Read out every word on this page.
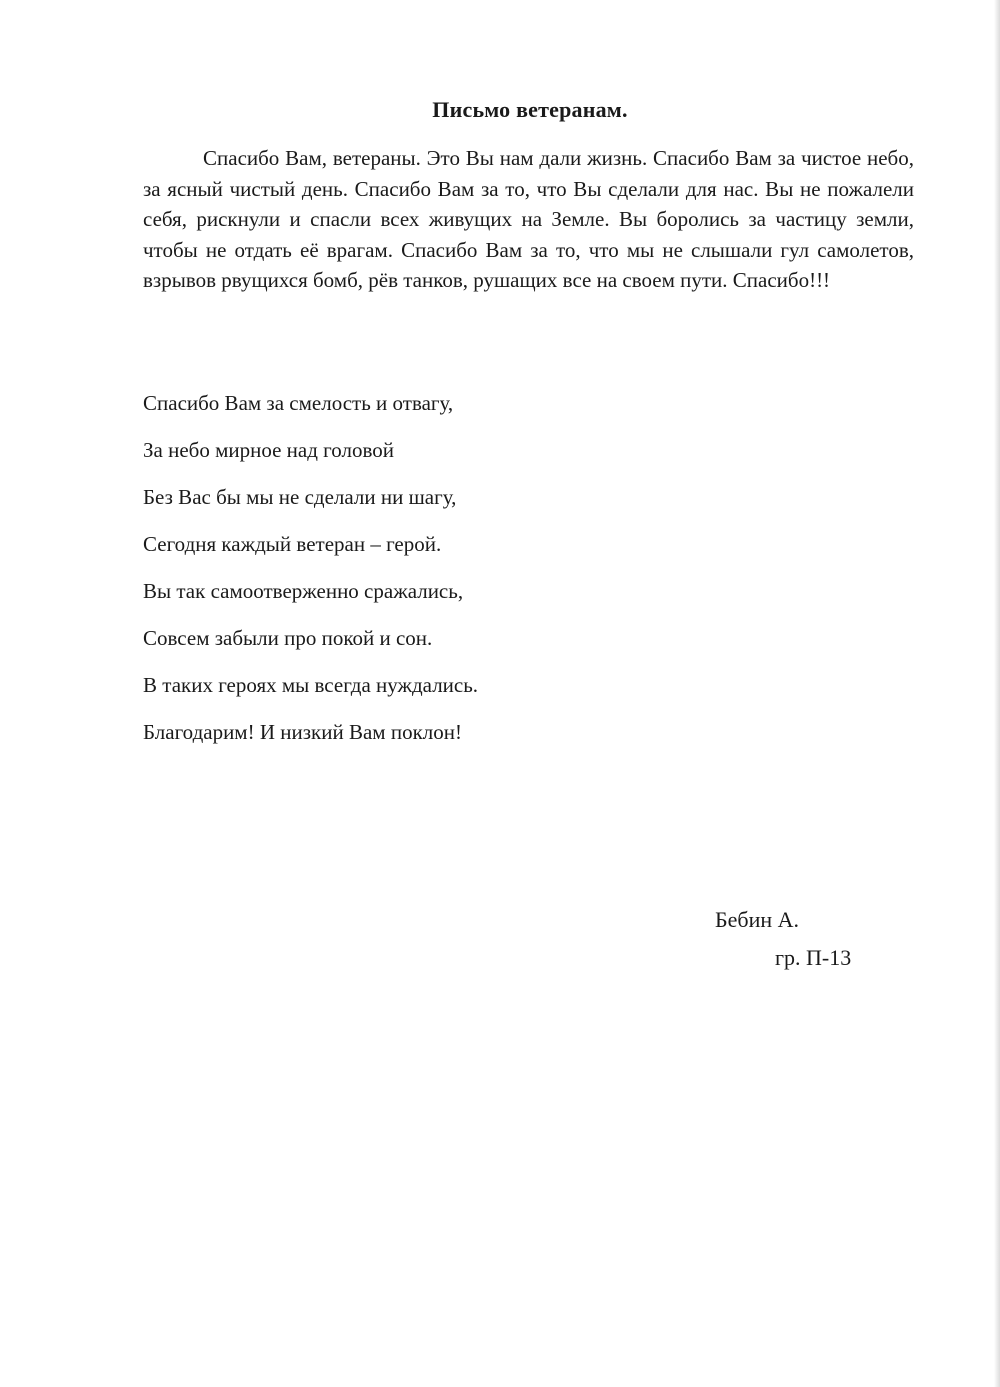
Письмо ветеранам.

Спасибо Вам, ветераны. Это Вы нам дали жизнь. Спасибо Вам за чистое небо, за ясный чистый день. Спасибо Вам за то, что Вы сделали для нас. Вы не пожалели себя, рискнули и спасли всех живущих на Земле. Вы боролись за частицу земли, чтобы не отдать её врагам. Спасибо Вам за то, что мы не слышали гул самолетов, взрывов рвущихся бомб, рёв танков, рушащих все на своем пути. Спасибо!!!

Спасибо Вам за смелость и отвагу,
За небо мирное над головой
Без Вас бы мы не сделали ни шагу,
Сегодня каждый ветеран – герой.
Вы так самоотверженно сражались,
Совсем забыли про покой и сон.
В таких героях мы всегда нуждались.
Благодарим! И низкий Вам поклон!

Бебин А.

гр. П-13
